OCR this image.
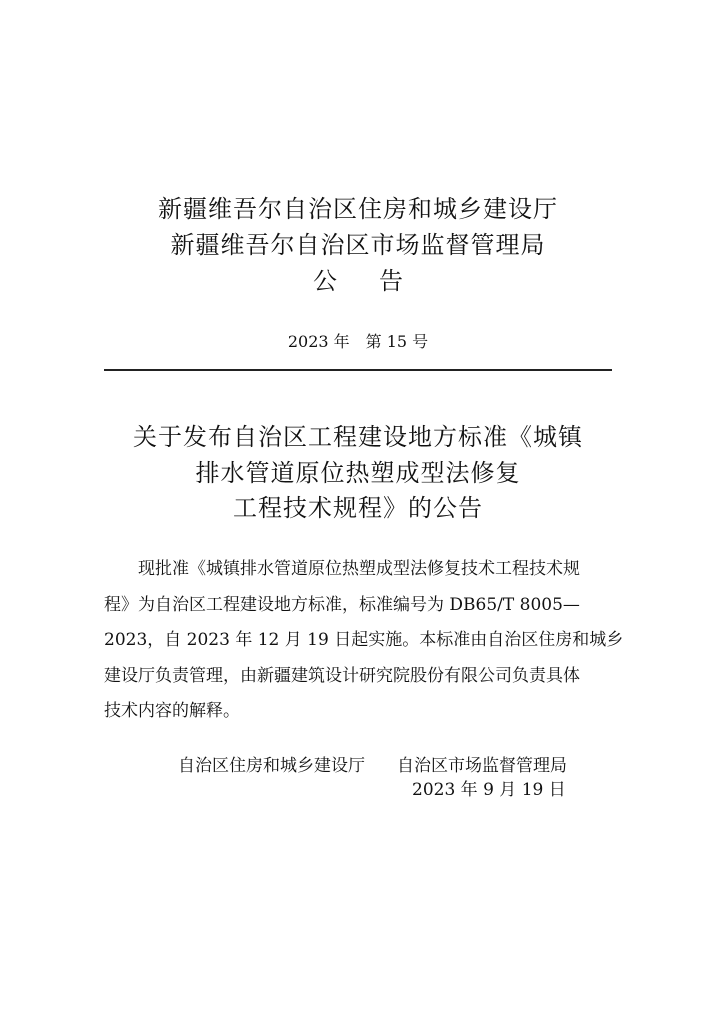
新疆维吾尔自治区住房和城乡建设厅
新疆维吾尔自治区市场监督管理局
公告
2023 年　第 15 号
关于发布自治区工程建设地方标准《城镇
排水管道原位热塑成型法修复
工程技术规程》的公告
　　现批准《城镇排水管道原位热塑成型法修复技术工程技术规
程》为自治区工程建设地方标准，标准编号为 DB65/T 8005—
2023，自 2023 年 12 月 19 日起实施。本标准由自治区住房和城乡
建设厅负责管理，由新疆建筑设计研究院股份有限公司负责具体
技术内容的解释。
自治区住房和城乡建设厅 自治区市场监督管理局
2023 年 9 月 19 日
